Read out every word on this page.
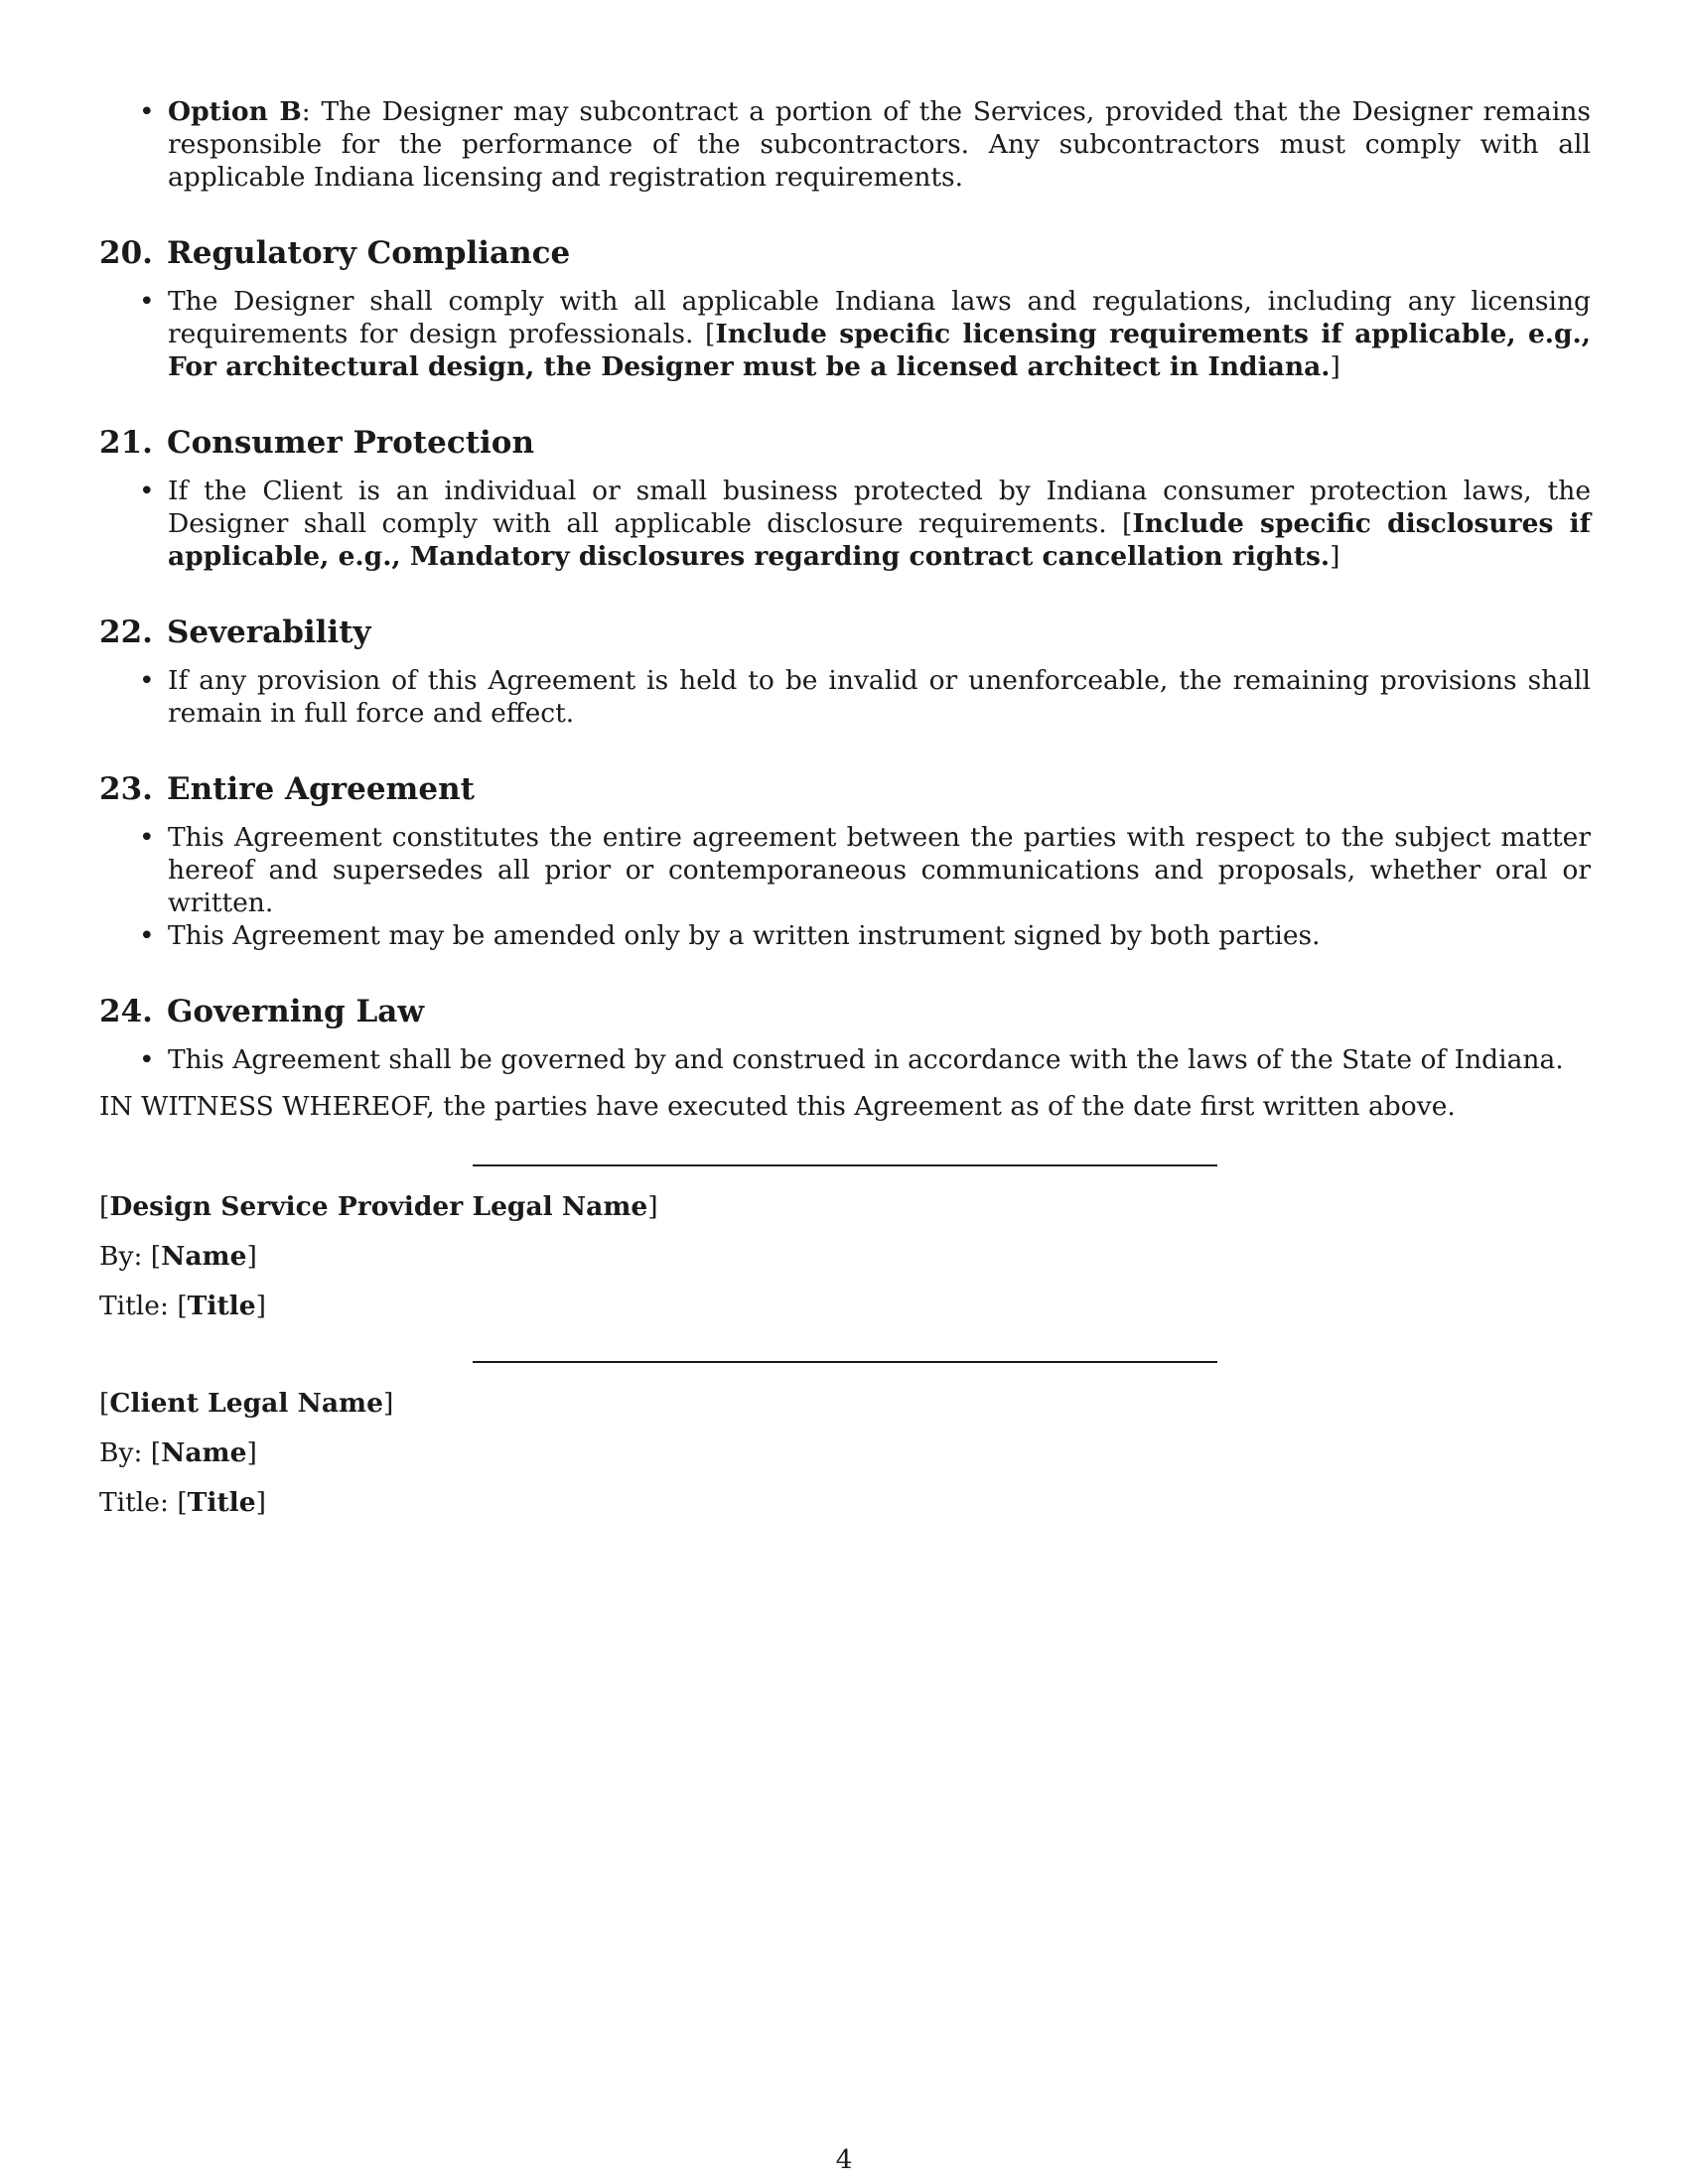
• Option B: The Designer may subcontract a portion of the Services, provided that the Designer remains responsible for the performance of the subcontractors. Any subcontractors must comply with all applicable Indiana licensing and registration requirements.
20. Regulatory Compliance
• The Designer shall comply with all applicable Indiana laws and regulations, including any licensing requirements for design professionals. [Include specific licensing requirements if applicable, e.g., For architectural design, the Designer must be a licensed architect in Indiana.]
21. Consumer Protection
• If the Client is an individual or small business protected by Indiana consumer protection laws, the Designer shall comply with all applicable disclosure requirements. [Include specific disclosures if applicable, e.g., Mandatory disclosures regarding contract cancellation rights.]
22. Severability
• If any provision of this Agreement is held to be invalid or unenforceable, the remaining provisions shall remain in full force and effect.
23. Entire Agreement
• This Agreement constitutes the entire agreement between the parties with respect to the subject matter hereof and supersedes all prior or contemporaneous communications and proposals, whether oral or written.
• This Agreement may be amended only by a written instrument signed by both parties.
24. Governing Law
• This Agreement shall be governed by and construed in accordance with the laws of the State of Indiana.
IN WITNESS WHEREOF, the parties have executed this Agreement as of the date first written above.
[Design Service Provider Legal Name]
By: [Name]
Title: [Title]
[Client Legal Name]
By: [Name]
Title: [Title]
4
